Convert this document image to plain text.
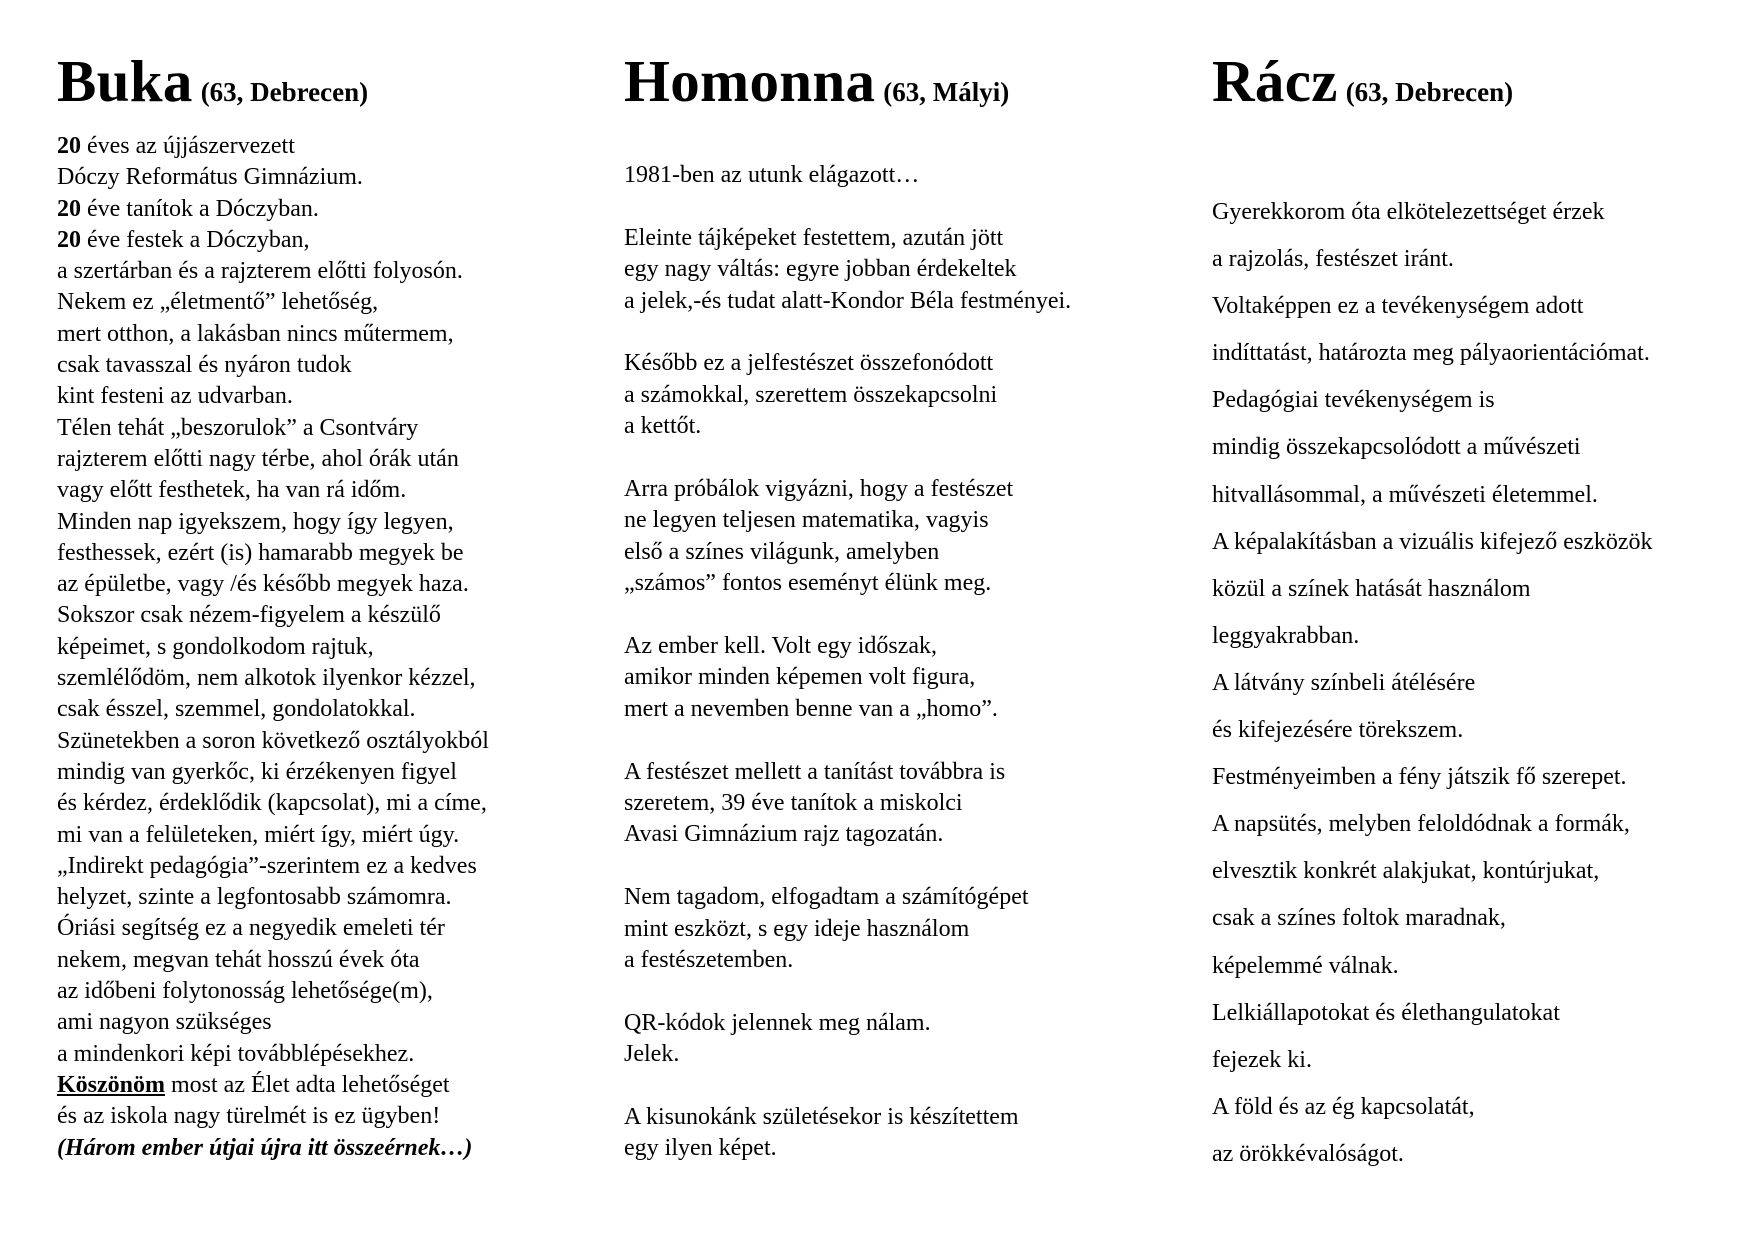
Buka (63, Debrecen)
20 éves az újjászervezett
Dóczy Református Gimnázium.
20 éve tanítok a Dóczyban.
20 éve festek a Dóczyban,
a szertárban és a rajzterem előtti folyosón.
Nekem ez „életmentő” lehetőség,
mert otthon, a lakásban nincs műtermem,
csak tavasszal és nyáron tudok
kint festeni az udvarban.
Télen tehát „beszorulok” a Csontváry
rajzterem előtti nagy térbe, ahol órák után
vagy előtt festhetek, ha van rá időm.
Minden nap igyekszem, hogy így legyen,
festhessek, ezért (is) hamarabb megyek be
az épületbe, vagy /és később megyek haza.
Sokszor csak nézem-figyelem a készülő
képeimet, s gondolkodom rajtuk,
szemlélődöm, nem alkotok ilyenkor kézzel,
csak ésszel, szemmel, gondolatokkal.
Szünetekben a soron következő osztályokból
mindig van gyerkőc, ki érzékenyen figyel
és kérdez, érdeklődik (kapcsolat), mi a címe,
mi van a felületeken, miért így, miért úgy.
„Indirekt pedagógia”-szerintem ez a kedves
helyzet, szinte a legfontosabb számomra.
Óriási segítség ez a negyedik emeleti tér
nekem, megvan tehát hosszú évek óta
az időbeni folytonosság lehetősége(m),
ami nagyon szükséges
a mindenkori képi továbblépésekhez.
Köszönöm most az Élet adta lehetőséget
és az iskola nagy türelmét is ez ügyben!
(Három ember útjai újra itt összeérnek…)
Homonna (63, Mályi)
1981-ben az utunk elágazott…
Eleinte tájképeket festettem, azután jött
egy nagy váltás: egyre jobban érdekeltek
a jelek,-és tudat alatt-Kondor Béla festményei.
Később ez a jelfestészet összefonódott
a számokkal, szerettem összekapcsolni
a kettőt.
Arra próbálok vigyázni, hogy a festészet
ne legyen teljesen matematika, vagyis
első a színes világunk, amelyben
„számos” fontos eseményt élünk meg.
Az ember kell. Volt egy időszak,
amikor minden képemen volt figura,
mert a nevemben benne van a „homo”.
A festészet mellett a tanítást továbbra is
szeretem, 39 éve tanítok a miskolci
Avasi Gimnázium rajz tagozatán.
Nem tagadom, elfogadtam a számítógépet
mint eszközt, s egy ideje használom
a festészetemben.
QR-kódok jelennek meg nálam.
Jelek.
A kisunokánk születésekor is készítettem
egy ilyen képet.
Rácz (63, Debrecen)
Gyerekkorom óta elkötelezettséget érzek
a rajzolás, festészet iránt.
Voltaképpen ez a tevékenységem adott
indíttatást, határozta meg pályaorientációmat.
Pedagógiai tevékenységem is
mindig összekapcsolódott a művészeti
hitvallásommal, a művészeti életemmel.
A képalakításban a vizuális kifejező eszközök
közül a színek hatását használom
leggyakrabban.
A látvány színbeli átélésére
és kifejezésére törekszem.
Festményeimben a fény játszik fő szerepet.
A napsütés, melyben feloldódnak a formák,
elvesztik konkrét alakjukat, kontúrjukat,
csak a színes foltok maradnak,
képelemmé válnak.
Lelkiállapotokat és élethangulatokat
fejezek ki.
A föld és az ég kapcsolatát,
az örökkévalóságot.
